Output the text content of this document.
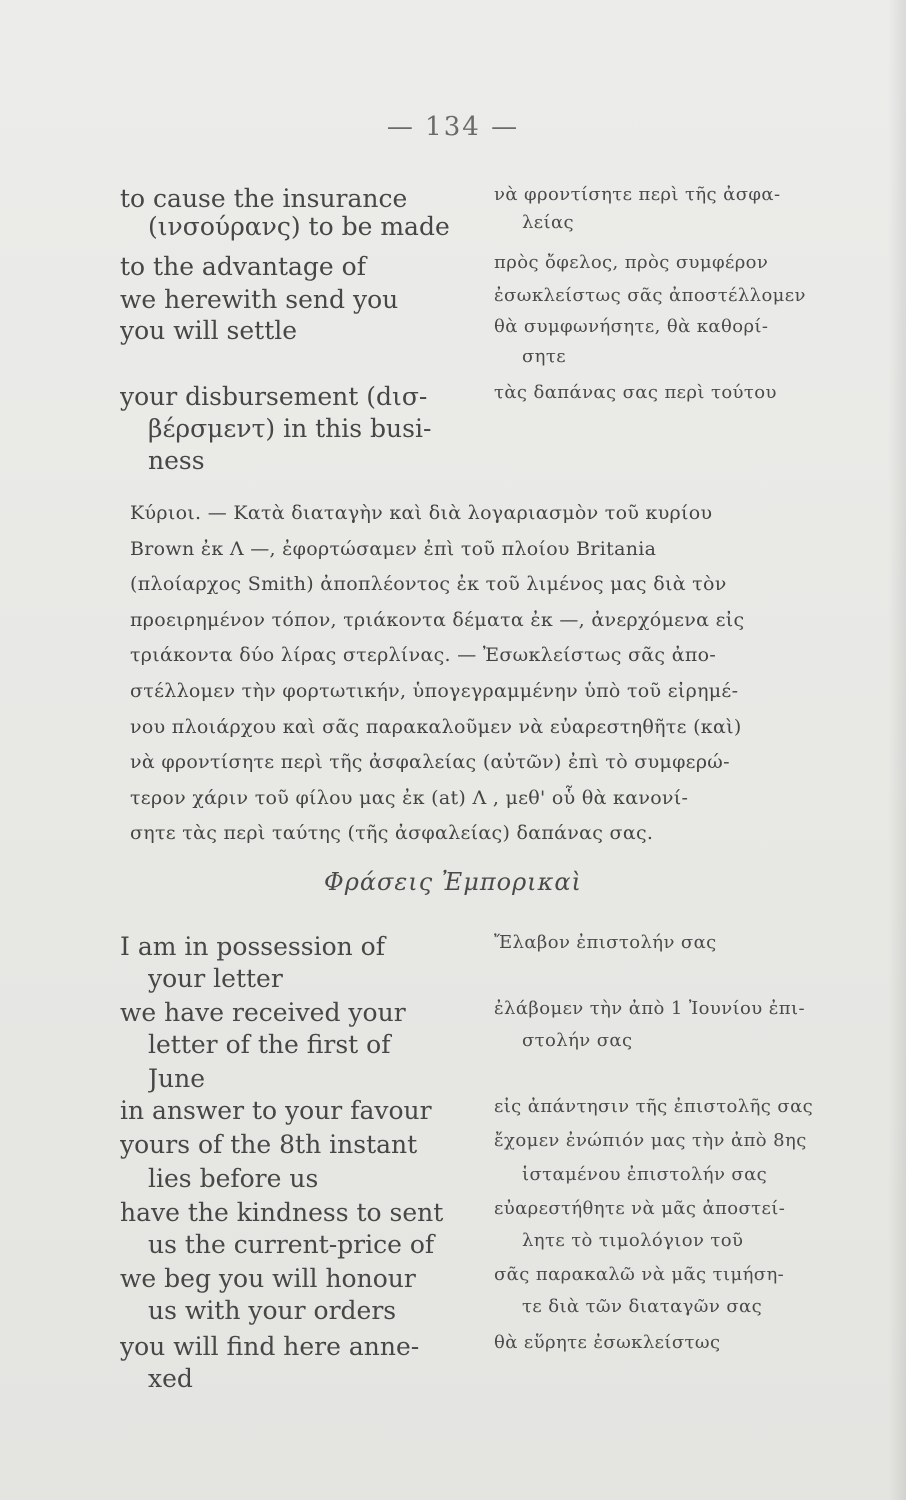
— 134 —
to cause the insurance	νὰ φροντίσητε περὶ τῆς ἀσφα-
(ινσούρανς) to be made	λείας
to the advantage of	πρὸς ὄφελος, πρὸς συμφέρον
we herewith send you	ἐσωκλείστως σᾶς ἀποστέλλομεν
you will settle	θὰ συμφωνήσητε, θὰ καθορί-
σητε
your disbursement (dισ-	τὰς δαπάνας σας περὶ τούτου
βέρσμεντ) in this busi-
ness
Κύριοι. — Κατὰ διαταγὴν καὶ διὰ λογαριασμὸν τοῦ κυρίου
Brown ἐκ Λ —, ἐφορτώσαμεν ἐπὶ τοῦ πλοίου Britania
(πλοίαρχος Smith) ἀποπλέοντος ἐκ τοῦ λιμένος μας διὰ τὸν
προειρημένον τόπον, τριάκοντα δέματα ἐκ —, ἀνερχόμενα εἰς
τριάκοντα δύο λίρας στερλίνας. — Ἐσωκλείστως σᾶς ἀπο-
στέλλομεν τὴν φορτωτικήν, ὑπογεγραμμένην ὑπὸ τοῦ εἰρημέ-
νου πλοιάρχου καὶ σᾶς παρακαλοῦμεν νὰ εὐαρεστηθῆτε (καὶ)
νὰ φροντίσητε περὶ τῆς ἀσφαλείας (αὐτῶν) ἐπὶ τὸ συμφερώ-
τερον χάριν τοῦ φίλου μας ἐκ (at) Λ , μεθ' οὗ θὰ κανονί-
σητε τὰς περὶ ταύτης (τῆς ἀσφαλείας) δαπάνας σας.
Φράσεις Ἐμπορικαὶ
I am in possession of	Ἔλαβον ἐπιστολήν σας
your letter
we have received your	ἐλάβομεν τὴν ἀπὸ 1 Ἰουνίου ἐπι-
letter of the first of	στολήν σας
June
in answer to your favour	εἰς ἀπάντησιν τῆς ἐπιστολῆς σας
yours of the 8th instant	ἔχομεν ἐνώπιόν μας τὴν ἀπὸ 8ης
lies before us	ἱσταμένου ἐπιστολήν σας
have the kindness to sent	εὐαρεστήθητε νὰ μᾶς ἀποστεί-
us the current-price of	λητε τὸ τιμολόγιον τοῦ
we beg you will honour	σᾶς παρακαλῶ νὰ μᾶς τιμήση-
us with your orders	τε διὰ τῶν διαταγῶν σας
you will find here anne-	θὰ εὕρητε ἐσωκλείστως
xed
